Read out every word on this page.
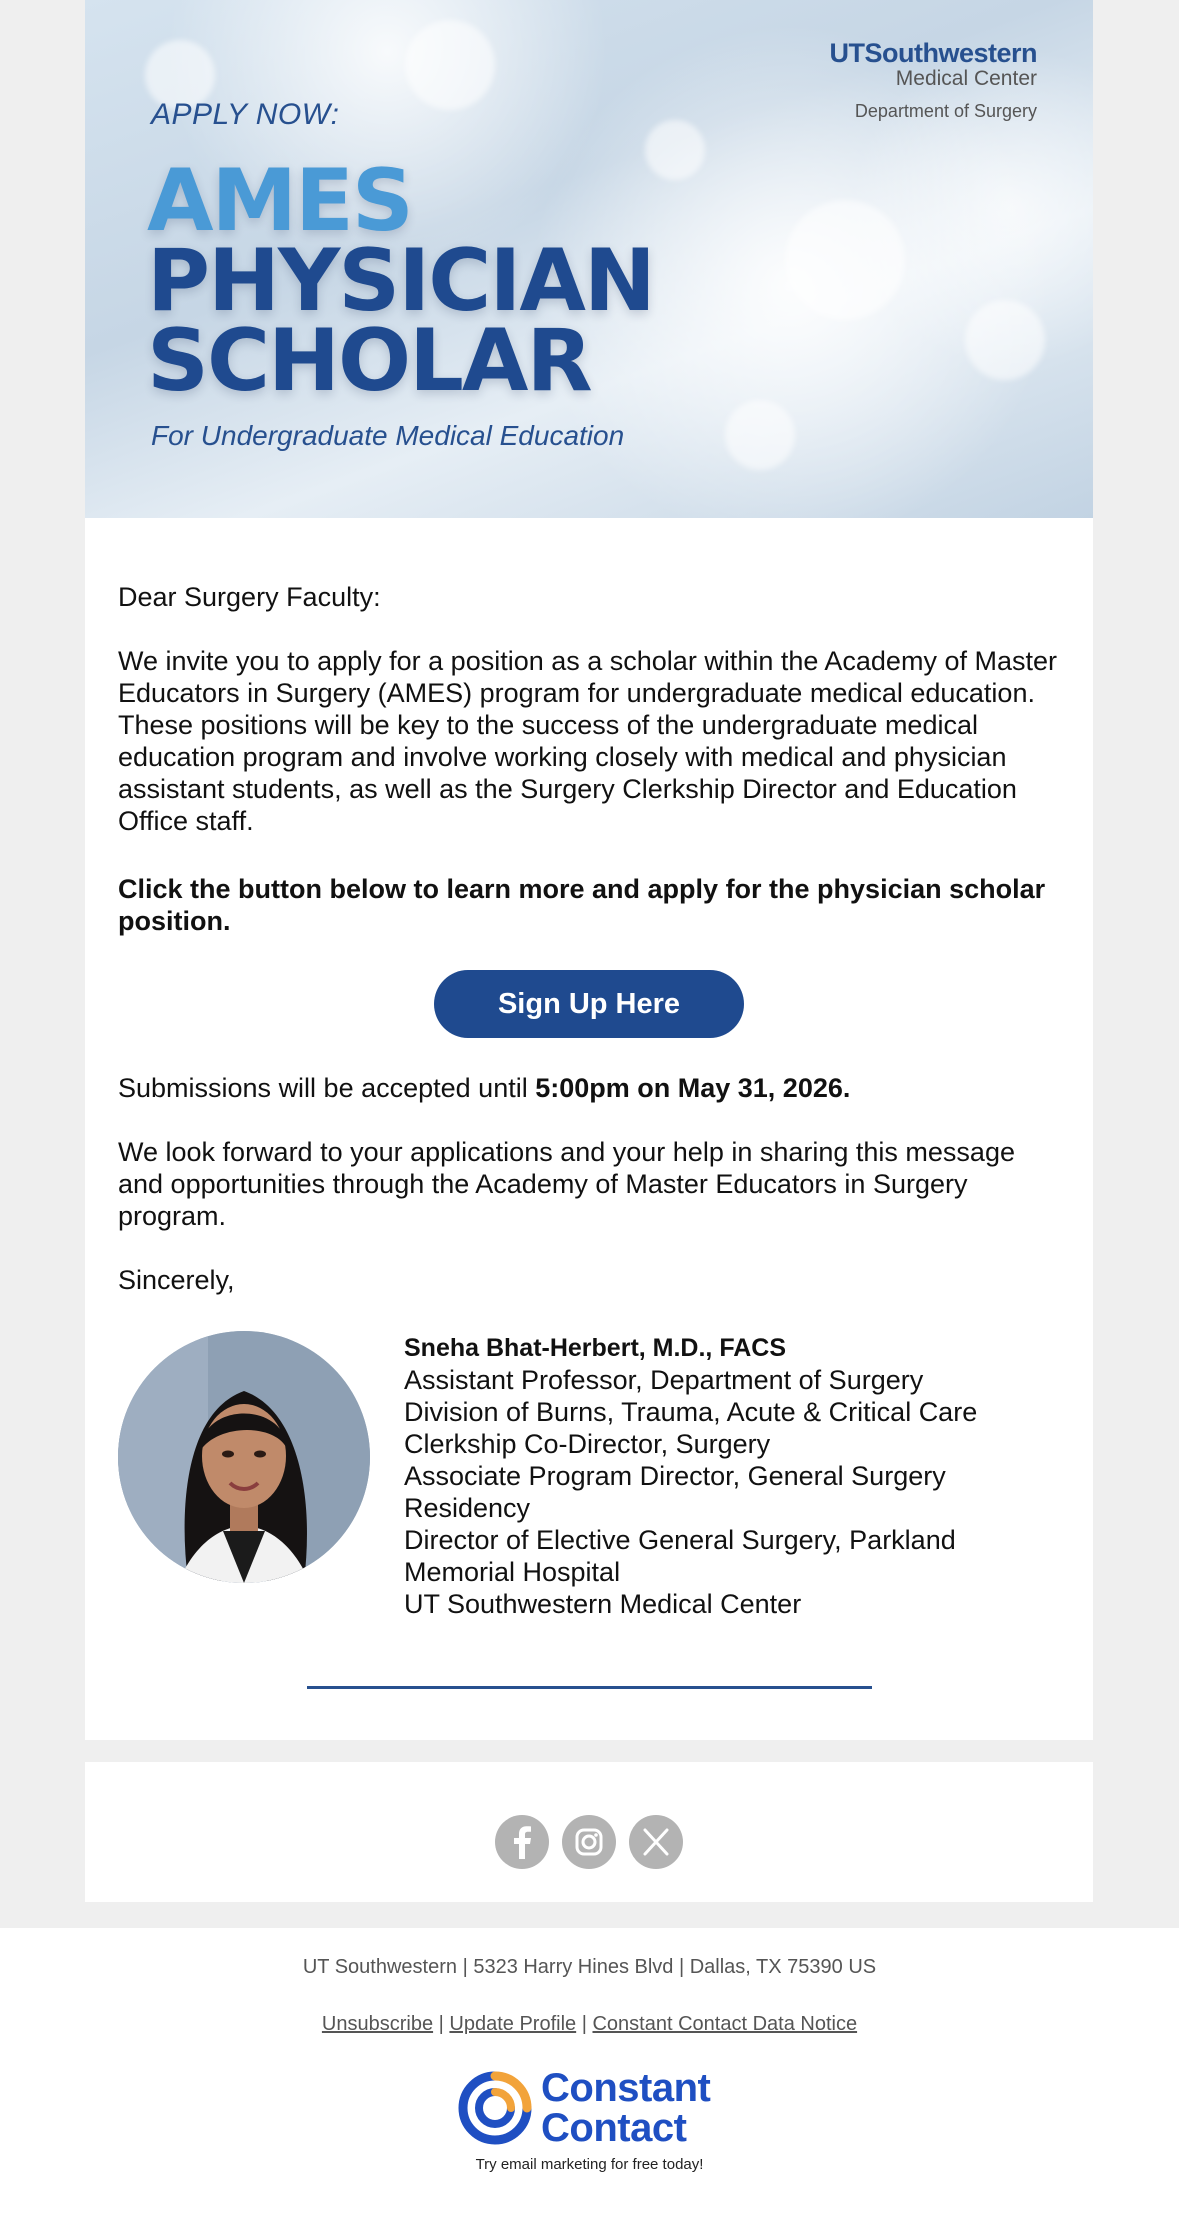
UTSouthwestern
Medical Center
Department of Surgery
APPLY NOW:
AMES
PHYSICIAN
SCHOLAR
For Undergraduate Medical Education
Dear Surgery Faculty:
We invite you to apply for a position as a scholar within the Academy of Master Educators in Surgery (AMES) program for undergraduate medical education. These positions will be key to the success of the undergraduate medical education program and involve working closely with medical and physician assistant students, as well as the Surgery Clerkship Director and Education Office staff.
Click the button below to learn more and apply for the physician scholar position.
Sign Up Here
Submissions will be accepted until 5:00pm on May 31, 2026.
We look forward to your applications and your help in sharing this message and opportunities through the Academy of Master Educators in Surgery program.
Sincerely,
Sneha Bhat-Herbert, M.D., FACS
Assistant Professor, Department of Surgery
Division of Burns, Trauma, Acute & Critical Care
Clerkship Co-Director, Surgery
Associate Program Director, General Surgery Residency
Director of Elective General Surgery, Parkland Memorial Hospital
UT Southwestern Medical Center
UT Southwestern | 5323 Harry Hines Blvd | Dallas, TX 75390 US
Unsubscribe | Update Profile | Constant Contact Data Notice
Constant
Contact
Try email marketing for free today!
